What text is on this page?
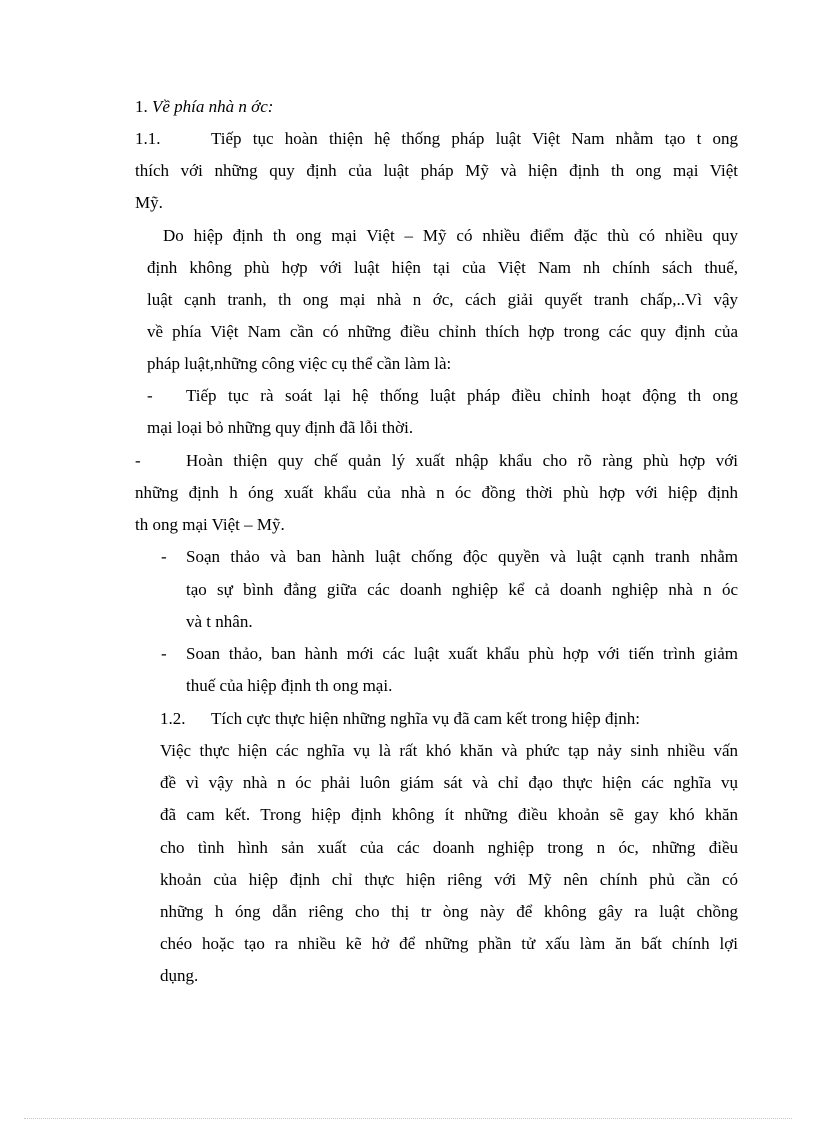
1. Về phía nhà n ớc:
1.1.	Tiếp tục hoàn thiện hệ thống pháp luật Việt Nam nhằm tạo t ong
thích với những quy định của luật pháp Mỹ và hiện định th ong mại Việt
Mỹ.
Do hiệp định th ong mại Việt – Mỹ có nhiều điểm đặc thù có nhiều quy
định không phù hợp với luật hiện tại của Việt Nam nh chính sách thuế,
luật cạnh tranh, th ong mại nhà n ớc, cách giải quyết tranh chấp,..Vì vậy
về phía Việt Nam cần có những điều chỉnh thích hợp trong các quy định của
pháp luật,những công việc cụ thể cần làm là:
- Tiếp tục rà soát lại hệ thống luật pháp điều chỉnh hoạt động th ong
mại loại bỏ những quy định đã lỗi thời.
-	Hoàn thiện quy chế quản lý xuất nhập khẩu cho rõ ràng phù hợp với
những định h óng xuất khẩu của nhà n óc đồng thời phù hợp với hiệp định
th ong mại Việt – Mỹ.
- Soạn thảo và ban hành luật chống độc quyền và luật cạnh tranh nhằm
tạo sự bình đẳng giữa các doanh nghiệp kể cả doanh nghiệp nhà n óc
và t nhân.
- Soan thảo, ban hành mới các luật xuất khẩu phù hợp với tiến trình giảm
thuế của hiệp định th ong mại.
1.2. Tích cực thực hiện những nghĩa vụ đã cam kết trong hiệp định:
Việc thực hiện các nghĩa vụ là rất khó khăn và phức tạp nảy sinh nhiều vấn
đề vì vậy nhà n óc phải luôn giám sát và chỉ đạo thực hiện các nghĩa vụ
đã cam kết. Trong hiệp định không ít những điều khoản sẽ gay khó khăn
cho tình hình sản xuất của các doanh nghiệp trong n óc, những điều
khoản của hiệp định chỉ thực hiện riêng với Mỹ nên chính phủ cần có
những h óng dẫn riêng cho thị tr òng này để không gây ra luật chồng
chéo hoặc tạo ra nhiều kẽ hở để những phần tử xấu làm ăn bất chính lợi
dụng.
